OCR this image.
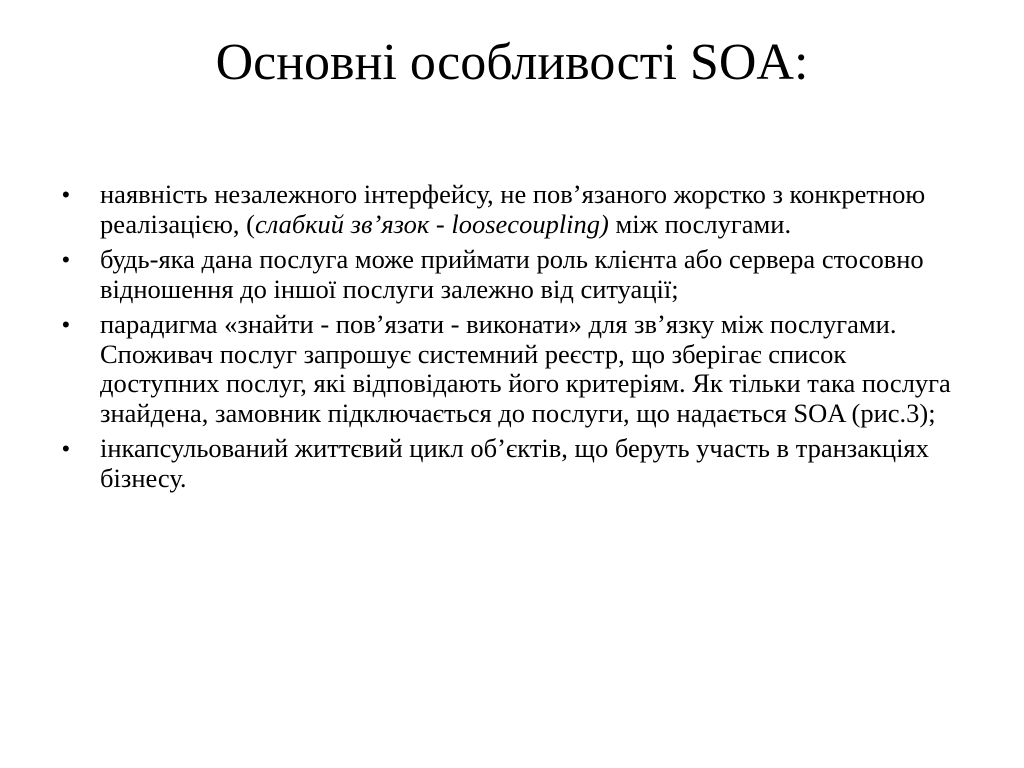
Основні особливості SOA:
•	наявність незалежного інтерфейсу, не пов’язаного жорстко з конкретною реалізацією, (слабкий зв’язок - loosecoupling) між послугами.
•	будь-яка дана послуга може приймати роль клієнта або сервера стосовно відношення до іншої послуги залежно від ситуації;
•	парадигма «знайти - пов’язати - виконати» для зв’язку між послугами. Споживач послуг запрошує системний реєстр, що зберігає список доступних послуг, які відповідають його критеріям. Як тільки така послуга знайдена, замовник підключається до послуги, що надається SOA (рис.3);
•	інкапсульований життєвий цикл об’єктів, що беруть участь в транзакціях бізнесу.
